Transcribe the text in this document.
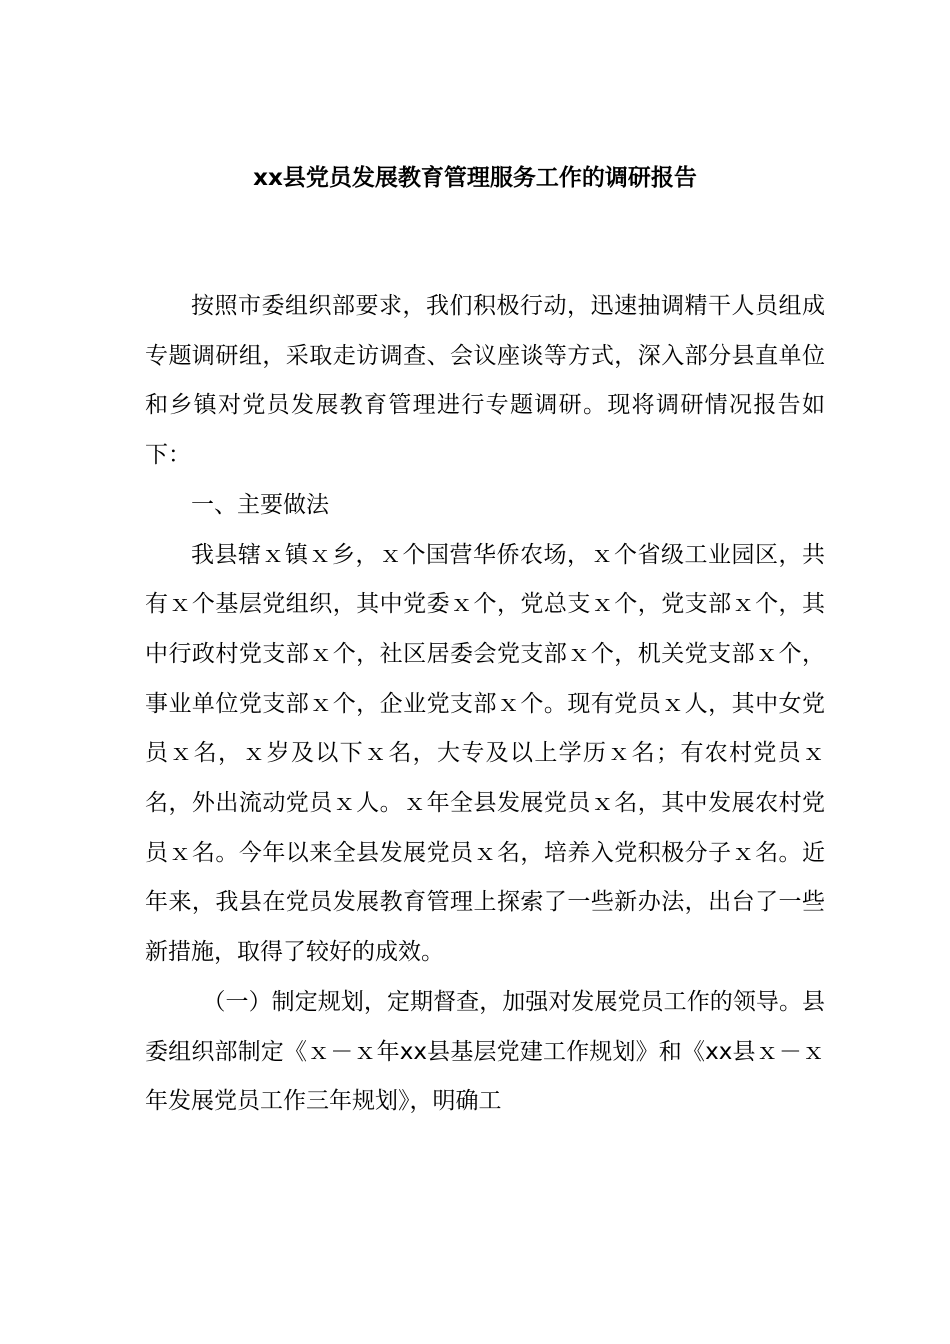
xx县党员发展教育管理服务工作的调研报告

按照市委组织部要求，我们积极行动，迅速抽调精干人员组成专题调研组，采取走访调查、会议座谈等方式，深入部分县直单位和乡镇对党员发展教育管理进行专题调研。现将调研情况报告如下：

一、主要做法

我县辖ｘ镇ｘ乡，ｘ个国营华侨农场，ｘ个省级工业园区，共有ｘ个基层党组织，其中党委ｘ个，党总支ｘ个，党支部ｘ个，其中行政村党支部ｘ个，社区居委会党支部ｘ个，机关党支部ｘ个，事业单位党支部ｘ个，企业党支部ｘ个。现有党员ｘ人，其中女党员ｘ名，ｘ岁及以下ｘ名，大专及以上学历ｘ名；有农村党员ｘ名，外出流动党员ｘ人。ｘ年全县发展党员ｘ名，其中发展农村党员ｘ名。今年以来全县发展党员ｘ名，培养入党积极分子ｘ名。近年来，我县在党员发展教育管理上探索了一些新办法，出台了一些新措施，取得了较好的成效。

（一）制定规划，定期督查，加强对发展党员工作的领导。县委组织部制定《ｘ－ｘ年xx县基层党建工作规划》和《xx县ｘ－ｘ年发展党员工作三年规划》，明确工
